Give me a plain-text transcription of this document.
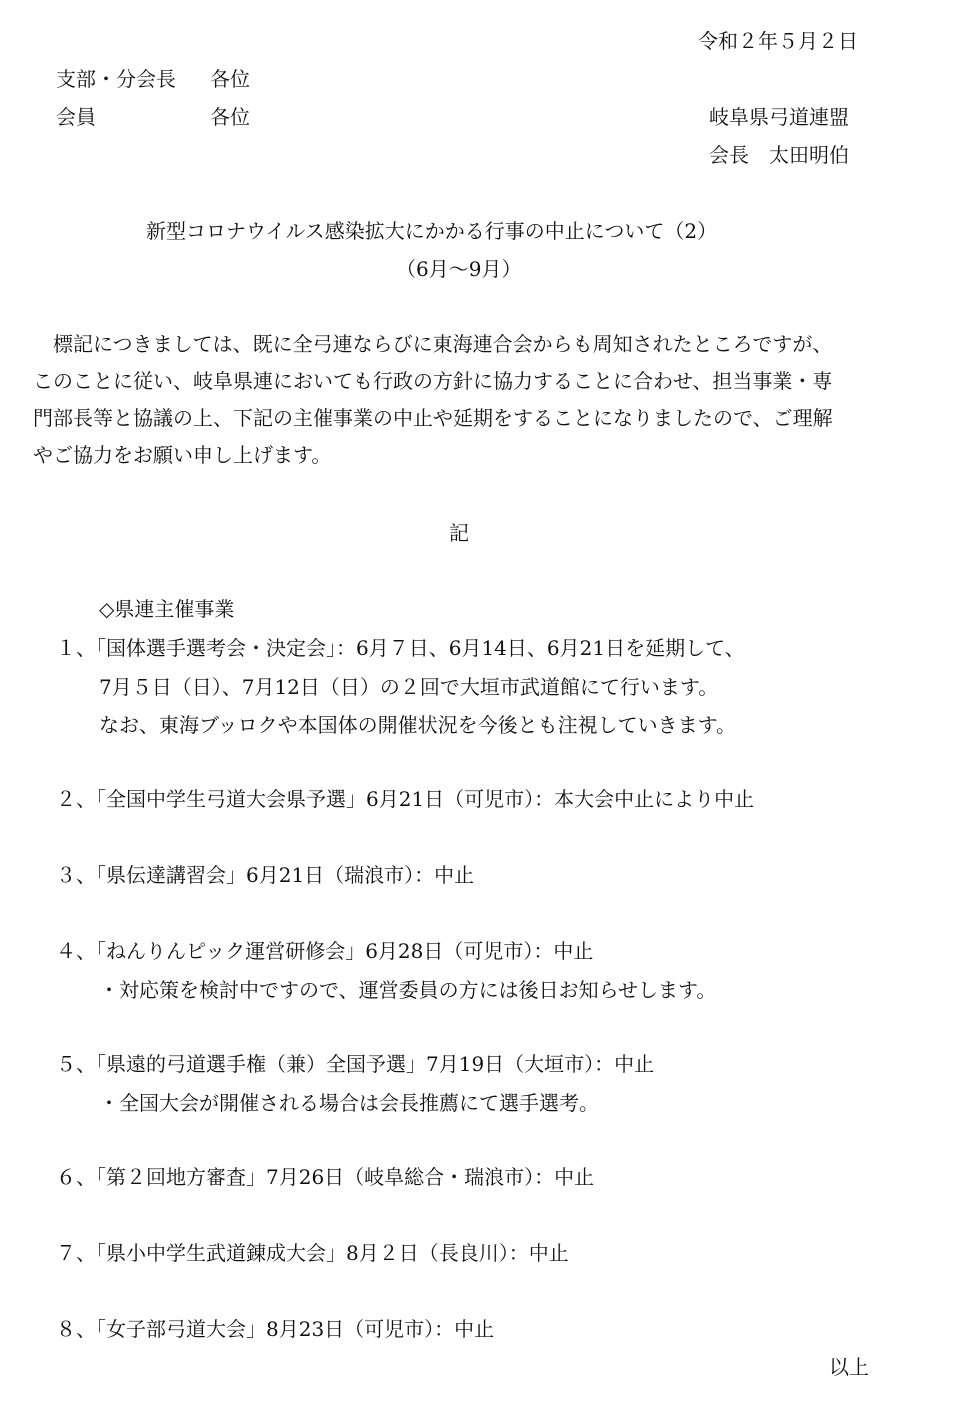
令和２年５月２日
支部・分会長 各位
会員	各位	岐阜県弓道連盟
会長　太田明伯
新型コロナウイルス感染拡大にかかる行事の中止について（2）
（6月～9月）

　標記につきましては、既に全弓連ならびに東海連合会からも周知されたところですが、

このことに従い、岐阜県連においても行政の方針に協力することに合わせ、担当事業・専

門部長等と協議の上、下記の主催事業の中止や延期をすることになりましたので、ご理解

やご協力をお願い申し上げます。

記
◇県連主催事業
１、「国体選手選考会・決定会」：6月７日、6月14日、6月21日を延期して、
7月５日（日）、7月12日（日）の２回で大垣市武道館にて行います。
なお、東海ブッロクや本国体の開催状況を今後とも注視していきます。
２、「全国中学生弓道大会県予選」6月21日（可児市）：本大会中止により中止
３、「県伝達講習会」6月21日（瑞浪市）：中止
４、「ねんりんピック運営研修会」6月28日（可児市）：中止
・対応策を検討中ですので、運営委員の方には後日お知らせします。
５、「県遠的弓道選手権（兼）全国予選」7月19日（大垣市）：中止
・全国大会が開催される場合は会長推薦にて選手選考。
６、「第２回地方審査」7月26日（岐阜総合・瑞浪市）：中止
７、「県小中学生武道錬成大会」8月２日（長良川）：中止
８、「女子部弓道大会」8月23日（可児市）：中止
以上
